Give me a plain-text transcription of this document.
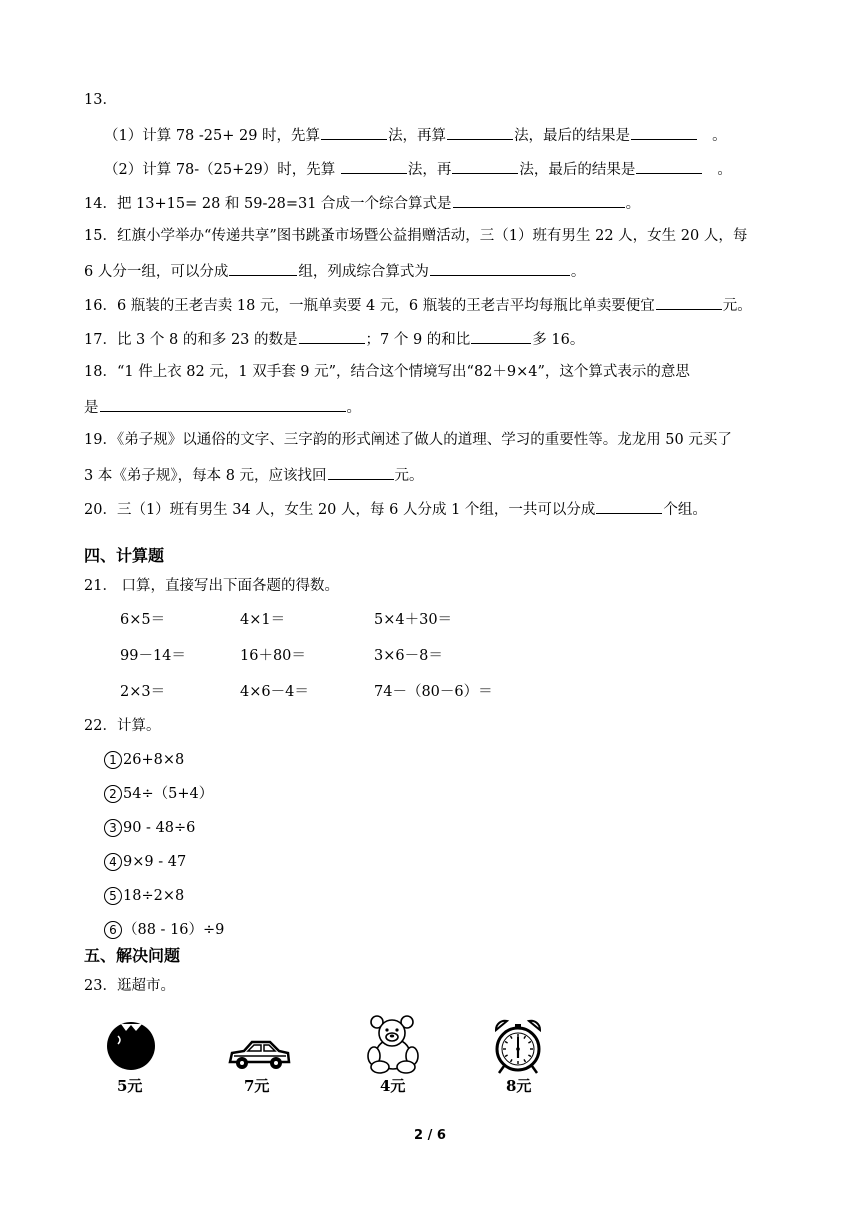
13．
（1）计算 78 -25+ 29 时，先算	法，再算	法，最后的结果是	。
（2）计算 78-（25+29）时，先算	法，再	法，最后的结果是	。
14．把 13+15= 28 和 59-28=31 合成一个综合算式是	。
15．红旗小学举办“传递共享”图书跳蚤市场暨公益捐赠活动，三（1）班有男生 22 人，女生 20 人，每
6 人分一组，可以分成	组，列成综合算式为	。
16．6 瓶装的王老吉卖 18 元，一瓶单卖要 4 元，6 瓶装的王老吉平均每瓶比单卖要便宜	元。
17．比 3 个 8 的和多 23 的数是	；7 个 9 的和比	多 16。
18．“1 件上衣 82 元，1 双手套 9 元”，结合这个情境写出“82＋9×4”，这个算式表示的意思
是	。
19．《弟子规》以通俗的文字、三字韵的形式阐述了做人的道理、学习的重要性等。龙龙用 50 元买了
3 本《弟子规》，每本 8 元，应该找回	元。
20．三（1）班有男生 34 人，女生 20 人，每 6 人分成 1 个组，一共可以分成	个组。
四、计算题
21． 口算，直接写出下面各题的得数。
6×5＝	4×1＝	5×4＋30＝
99－14＝	16＋80＝	3×6－8＝
2×3＝	4×6－4＝	74－（80－6）＝
22．计算。
1 26+8×8
2 54÷（5+4）
3 90 ‐ 48÷6
4 9×9 ‐ 47
5 18÷2×8
6 （88 ‐ 16）÷9
五、解决问题
23．逛超市。
5元	7元	4元	8元
2 / 6
